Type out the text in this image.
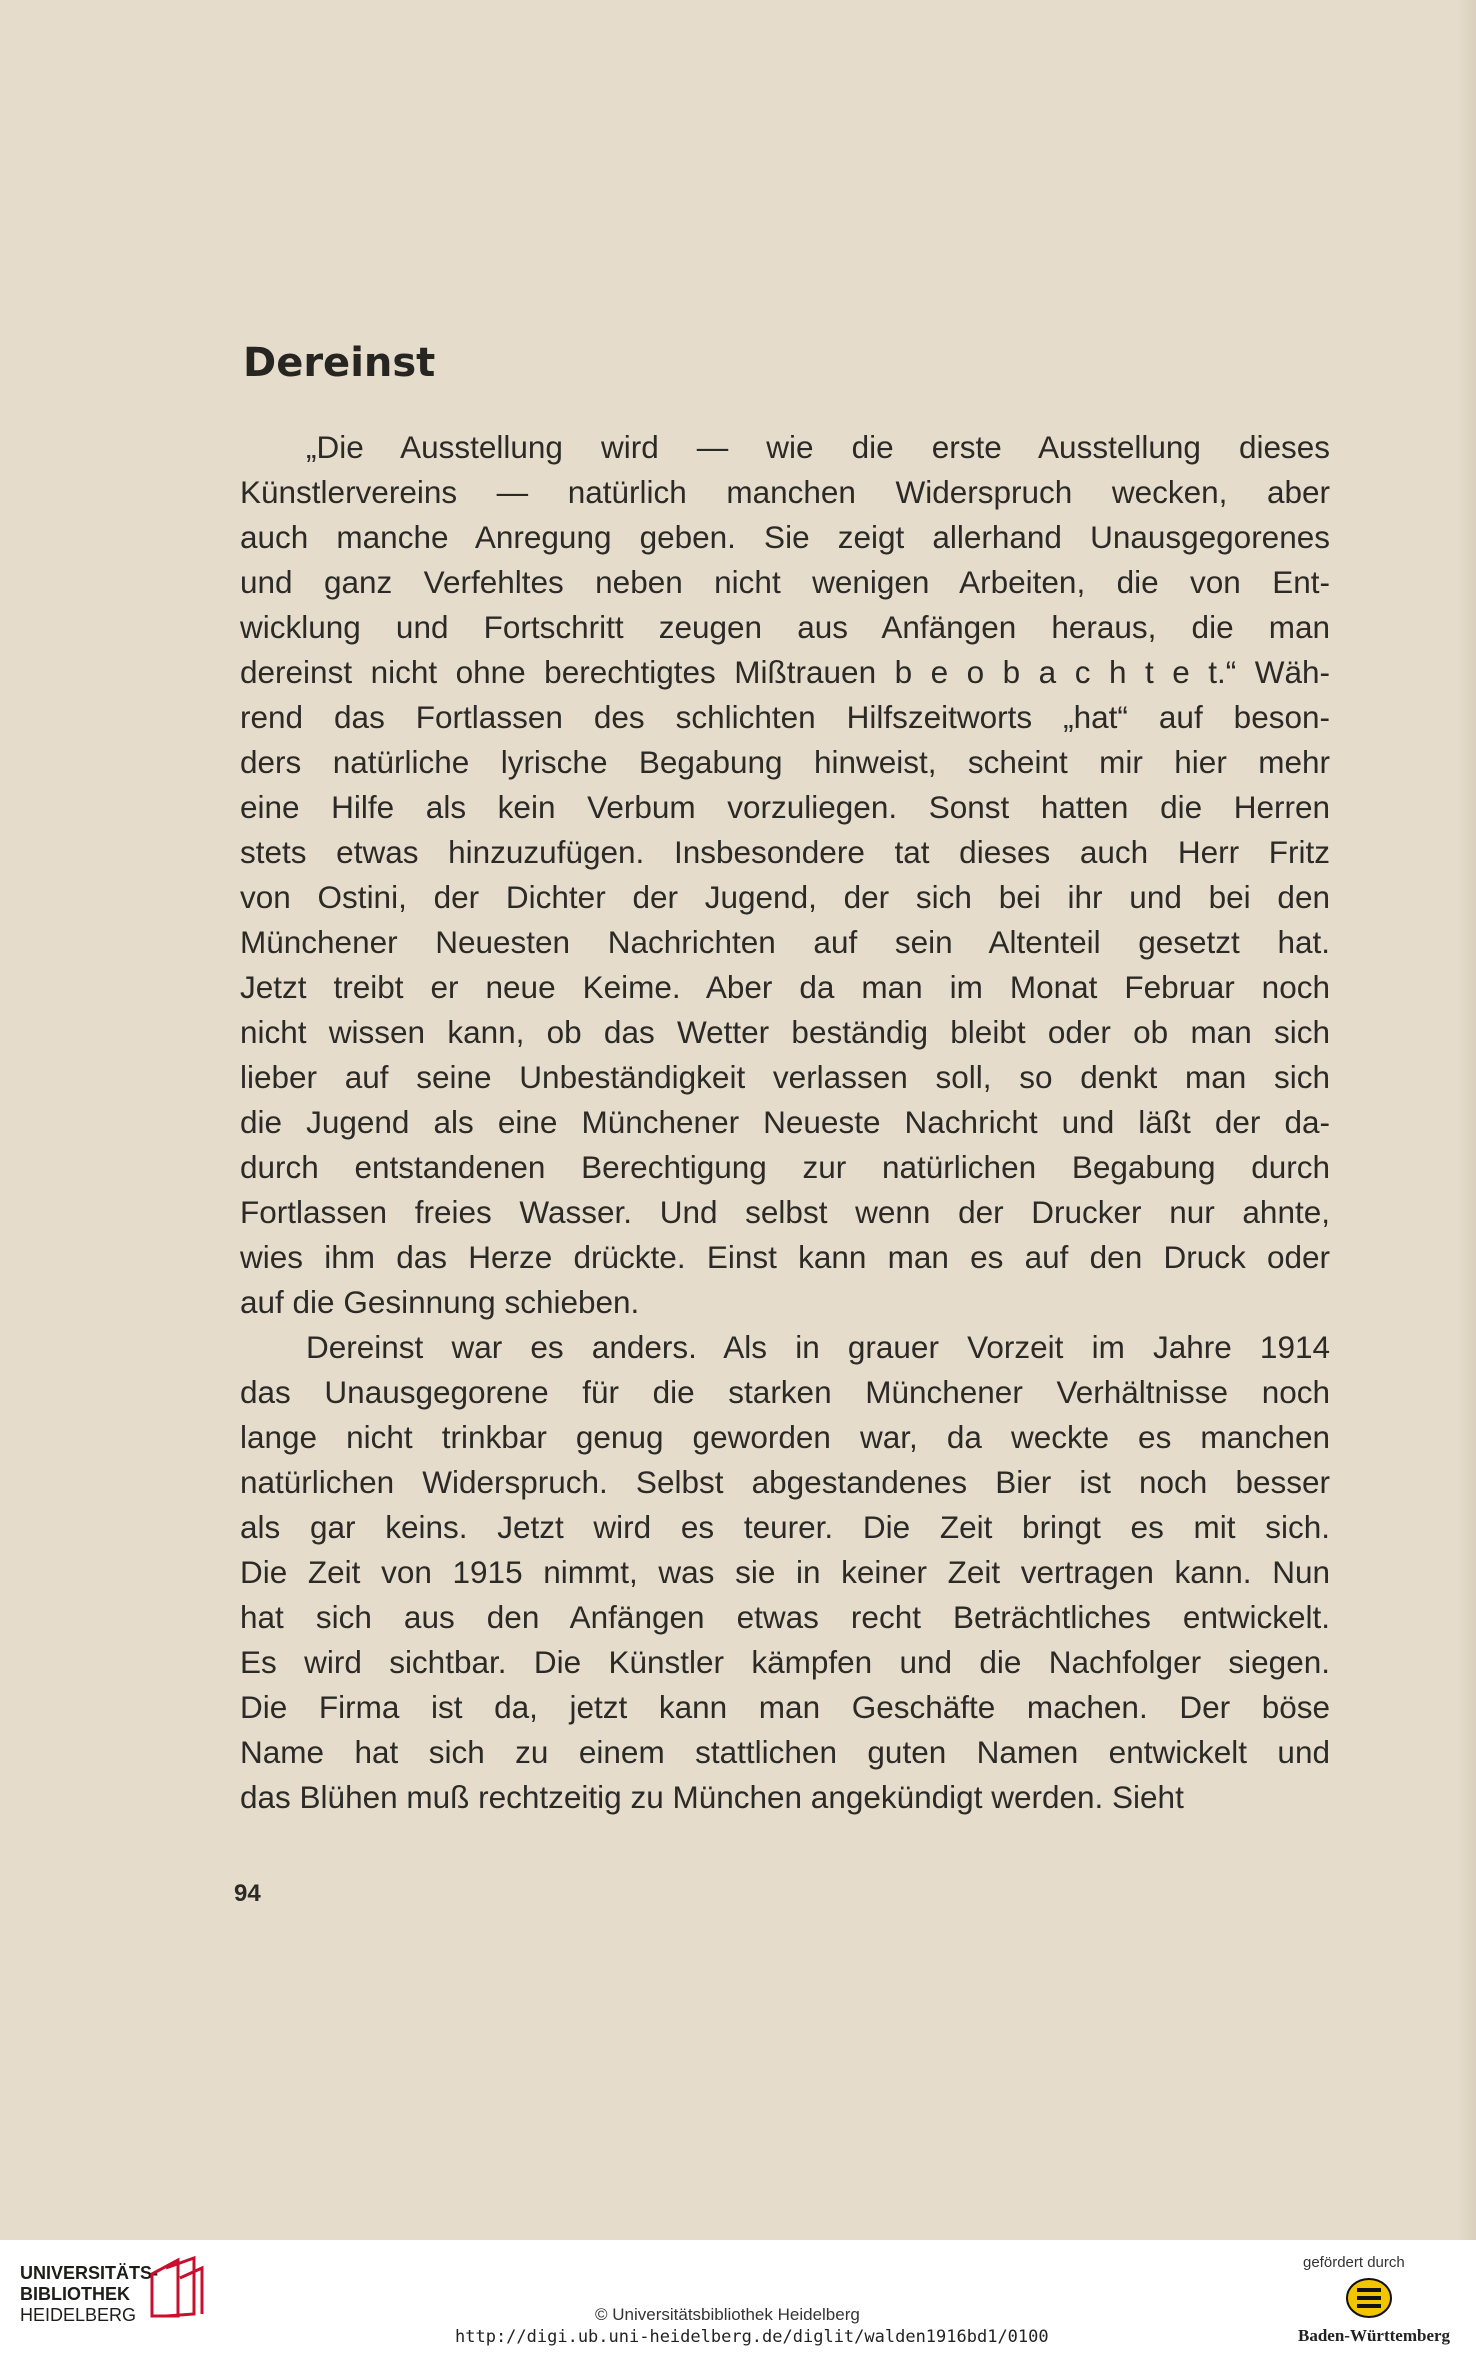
Dereinst
„Die Ausstellung wird — wie die erste Ausstellung dieses
Künstlervereins — natürlich manchen Widerspruch wecken, aber
auch manche Anregung geben. Sie zeigt allerhand Unausgegorenes
und ganz Verfehltes neben nicht wenigen Arbeiten, die von Ent-
wicklung und Fortschritt zeugen aus Anfängen heraus, die man
dereinst nicht ohne berechtigtes Mißtrauen b e o b a c h t e t.“ Wäh-
rend das Fortlassen des schlichten Hilfszeitworts „hat“ auf beson-
ders natürliche lyrische Begabung hinweist, scheint mir hier mehr
eine Hilfe als kein Verbum vorzuliegen. Sonst hatten die Herren
stets etwas hinzuzufügen. Insbesondere tat dieses auch Herr Fritz
von Ostini, der Dichter der Jugend, der sich bei ihr und bei den
Münchener Neuesten Nachrichten auf sein Altenteil gesetzt hat.
Jetzt treibt er neue Keime. Aber da man im Monat Februar noch
nicht wissen kann, ob das Wetter beständig bleibt oder ob man sich
lieber auf seine Unbeständigkeit verlassen soll, so denkt man sich
die Jugend als eine Münchener Neueste Nachricht und läßt der da-
durch entstandenen Berechtigung zur natürlichen Begabung durch
Fortlassen freies Wasser. Und selbst wenn der Drucker nur ahnte,
wies ihm das Herze drückte. Einst kann man es auf den Druck oder
auf die Gesinnung schieben.
Dereinst war es anders. Als in grauer Vorzeit im Jahre 1914
das Unausgegorene für die starken Münchener Verhältnisse noch
lange nicht trinkbar genug geworden war, da weckte es manchen
natürlichen Widerspruch. Selbst abgestandenes Bier ist noch besser
als gar keins. Jetzt wird es teurer. Die Zeit bringt es mit sich.
Die Zeit von 1915 nimmt, was sie in keiner Zeit vertragen kann. Nun
hat sich aus den Anfängen etwas recht Beträchtliches entwickelt.
Es wird sichtbar. Die Künstler kämpfen und die Nachfolger siegen.
Die Firma ist da, jetzt kann man Geschäfte machen. Der böse
Name hat sich zu einem stattlichen guten Namen entwickelt und
das Blühen muß rechtzeitig zu München angekündigt werden. Sieht
94
UNIVERSITÄTS-
BIBLIOTHEK
HEIDELBERG	© Universitätsbibliothek Heidelberg
http://digi.ub.uni-heidelberg.de/diglit/walden1916bd1/0100
gefördert durch
Baden-Württemberg
